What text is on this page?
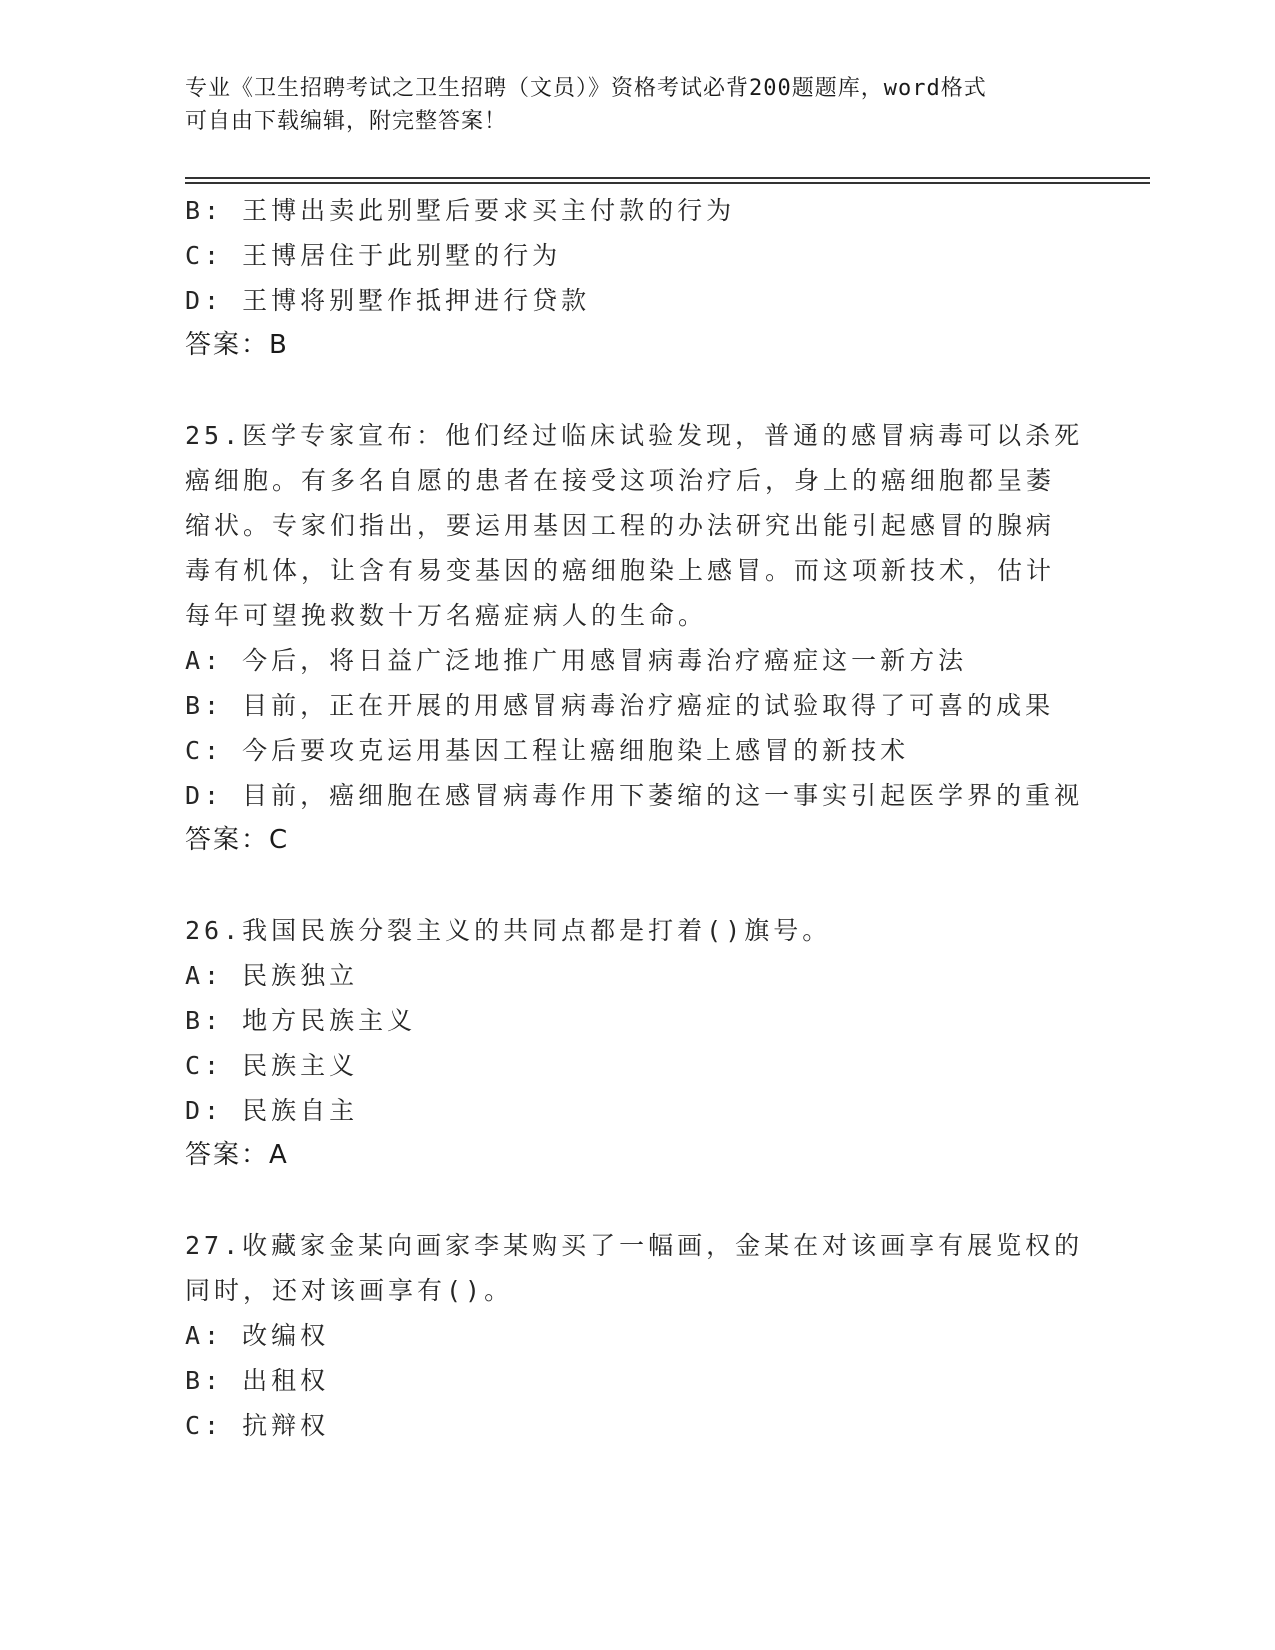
专业《卫生招聘考试之卫生招聘（文员）》资格考试必背200题题库，word格式
可自由下载编辑，附完整答案！
B: 王博出卖此别墅后要求买主付款的行为
C: 王博居住于此别墅的行为
D: 王博将别墅作抵押进行贷款
答案：B
25.医学专家宣布：他们经过临床试验发现，普通的感冒病毒可以杀死
癌细胞。有多名自愿的患者在接受这项治疗后，身上的癌细胞都呈萎
缩状。专家们指出，要运用基因工程的办法研究出能引起感冒的腺病
毒有机体，让含有易变基因的癌细胞染上感冒。而这项新技术，估计
每年可望挽救数十万名癌症病人的生命。
A: 今后，将日益广泛地推广用感冒病毒治疗癌症这一新方法
B: 目前，正在开展的用感冒病毒治疗癌症的试验取得了可喜的成果
C: 今后要攻克运用基因工程让癌细胞染上感冒的新技术
D: 目前，癌细胞在感冒病毒作用下萎缩的这一事实引起医学界的重视
答案：C
26.我国民族分裂主义的共同点都是打着()旗号。
A: 民族独立
B: 地方民族主义
C: 民族主义
D: 民族自主
答案：A
27.收藏家金某向画家李某购买了一幅画，金某在对该画享有展览权的
同时，还对该画享有()。
A: 改编权
B: 出租权
C: 抗辩权
